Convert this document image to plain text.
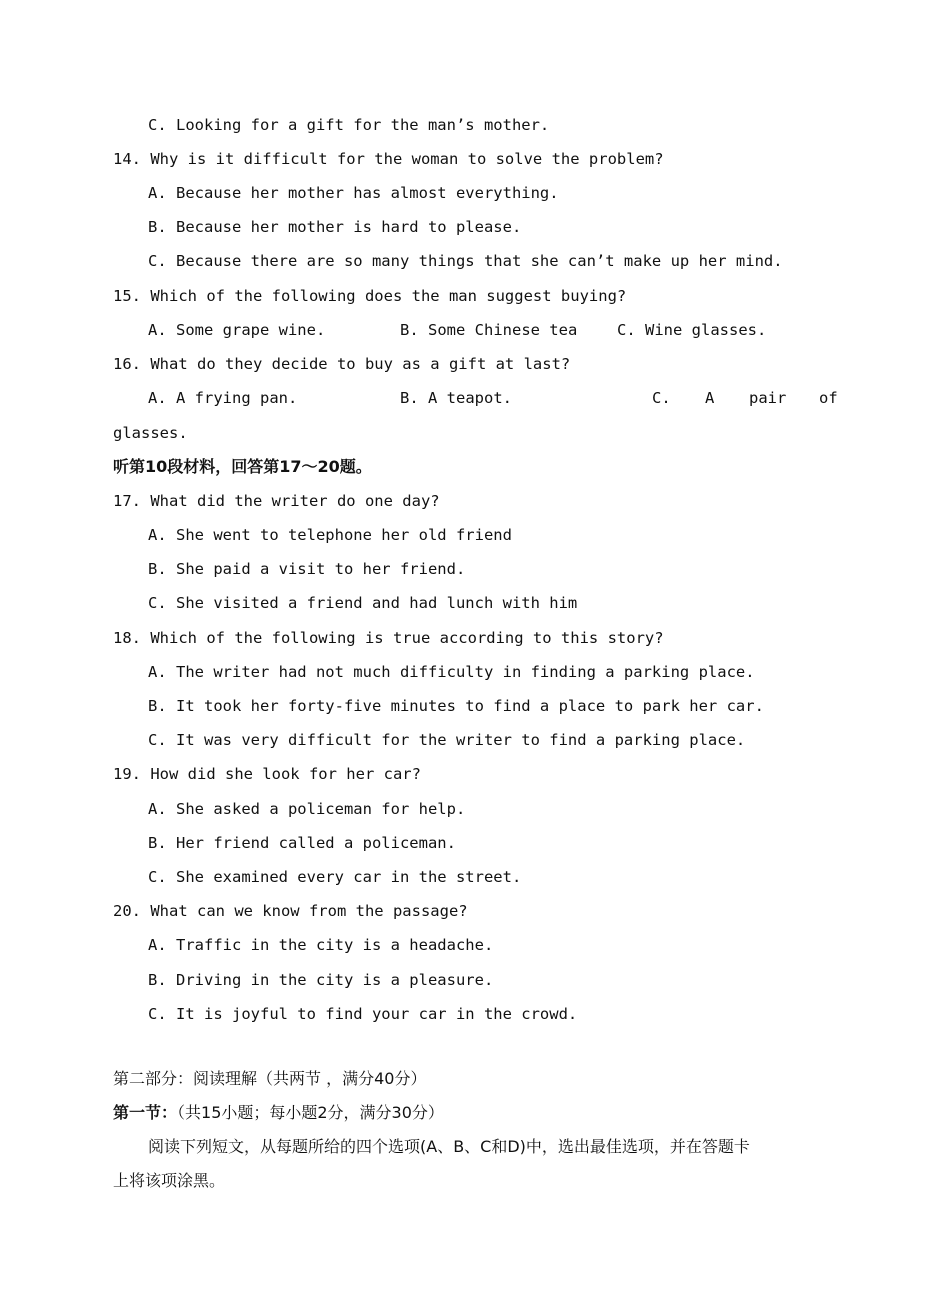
C. Looking for a gift for the man’s mother.
14. Why is it difficult for the woman to solve the problem?
A. Because her mother has almost everything.
B. Because her mother is hard to please.
C. Because there are so many things that she can’t make up her mind.
15. Which of the following does the man suggest buying?
A. Some grape wine.	B. Some Chinese tea	C. Wine glasses.
16. What do they decide to buy as a gift at last?
A. A frying pan.	B. A teapot.	C. A pair of
glasses.
听第10段材料，回答第17～20题。
17. What did the writer do one day?
A. She went to telephone her old friend
B. She paid a visit to her friend.
C. She visited a friend and had lunch with him
18. Which of the following is true according to this story?
A. The writer had not much difficulty in finding a parking place.
B. It took her forty-five minutes to find a place to park her car.
C. It was very difficult for the writer to find a parking place.
19. How did she look for her car?
A. She asked a policeman for help.
B. Her friend called a policeman.
C. She examined every car in the street.
20. What can we know from the passage?
A. Traffic in the city is a headache.
B. Driving in the city is a pleasure.
C. It is joyful to find your car in the crowd.
第二部分：阅读理解（共两节 ，满分40分）
第一节：（共15小题；每小题2分，满分30分）
阅读下列短文，从每题所给的四个选项(A、B、C和D)中，选出最佳选项，并在答题卡
上将该项涂黑。
